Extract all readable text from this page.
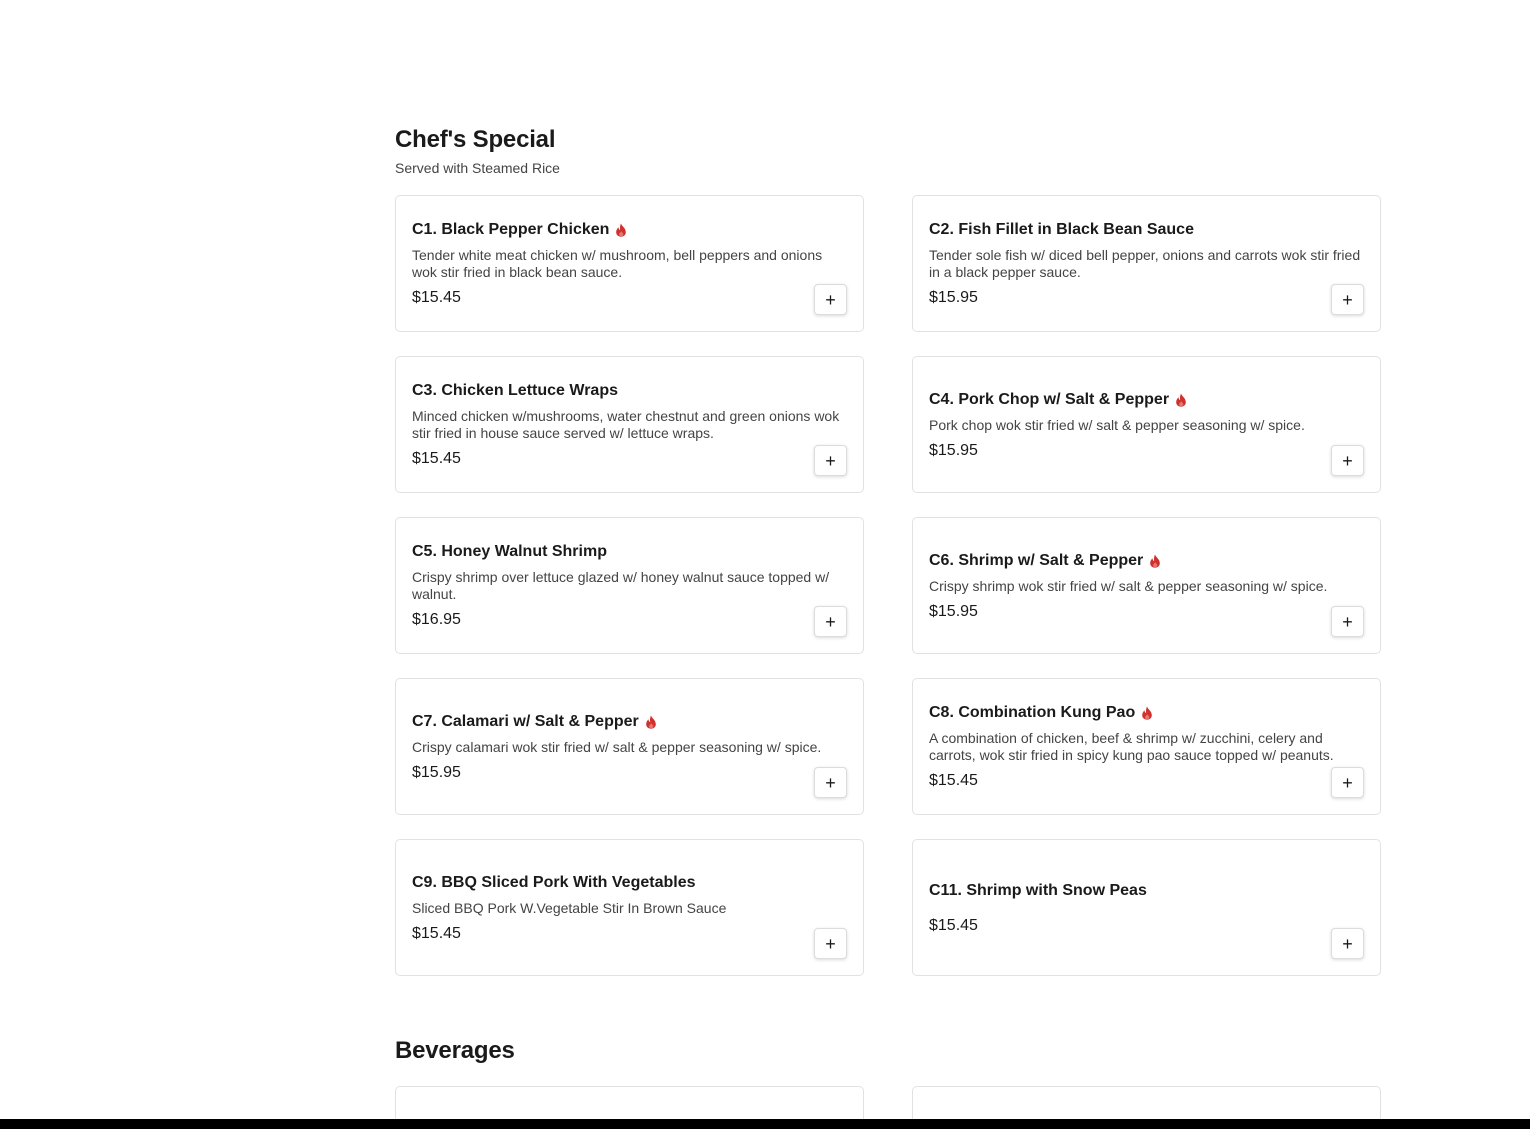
Chef's Special
Served with Steamed Rice
C1. Black Pepper Chicken
Tender white meat chicken w/ mushroom, bell peppers and onions wok stir fried in black bean sauce.
$15.45	+
C2. Fish Fillet in Black Bean Sauce
Tender sole fish w/ diced bell pepper, onions and carrots wok stir fried in a black pepper sauce.
$15.95	+
C3. Chicken Lettuce Wraps
Minced chicken w/mushrooms, water chestnut and green onions wok stir fried in house sauce served w/ lettuce wraps.
$15.45	+
C4. Pork Chop w/ Salt & Pepper
Pork chop wok stir fried w/ salt & pepper seasoning w/ spice.
$15.95
+
C5. Honey Walnut Shrimp
Crispy shrimp over lettuce glazed w/ honey walnut sauce topped w/ walnut.
$16.95	+
C6. Shrimp w/ Salt & Pepper
Crispy shrimp wok stir fried w/ salt & pepper seasoning w/ spice.
$15.95
+
C7. Calamari w/ Salt & Pepper
Crispy calamari wok stir fried w/ salt & pepper seasoning w/ spice.
$15.95
+
C8. Combination Kung Pao
A combination of chicken, beef & shrimp w/ zucchini, celery and carrots, wok stir fried in spicy kung pao sauce topped w/ peanuts.
$15.45	+
C9. BBQ Sliced Pork With Vegetables
Sliced BBQ Pork W.Vegetable Stir In Brown Sauce
$15.45
+
C11. Shrimp with Snow Peas
$15.45
+
Beverages
